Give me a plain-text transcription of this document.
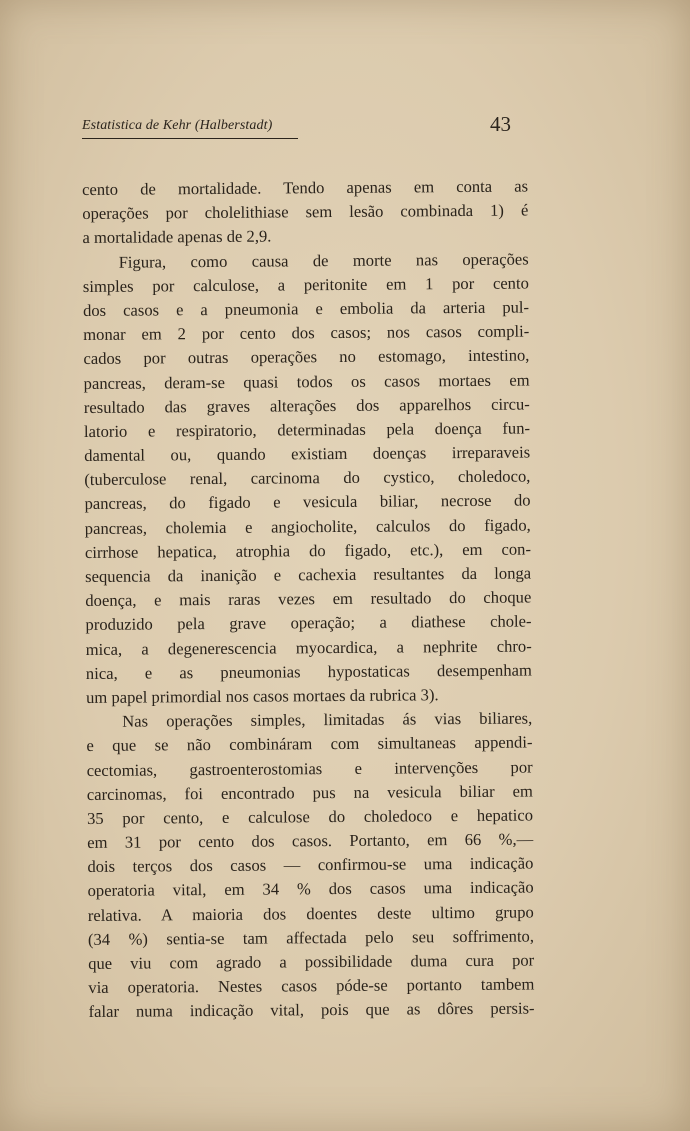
Estatistica de Kehr (Halberstadt)	43
cento de mortalidade. Tendo apenas em conta as
operações por cholelithiase sem lesão combinada 1) é
a mortalidade apenas de 2,9.
Figura, como causa de morte nas operações
simples por calculose, a peritonite em 1 por cento
dos casos e a pneumonia e embolia da arteria pul-
monar em 2 por cento dos casos; nos casos compli-
cados por outras operações no estomago, intestino,
pancreas, deram-se quasi todos os casos mortaes em
resultado das graves alterações dos apparelhos circu-
latorio e respiratorio, determinadas pela doença fun-
damental ou, quando existiam doenças irreparaveis
(tuberculose renal, carcinoma do cystico, choledoco,
pancreas, do figado e vesicula biliar, necrose do
pancreas, cholemia e angiocholite, calculos do figado,
cirrhose hepatica, atrophia do figado, etc.), em con-
sequencia da inanição e cachexia resultantes da longa
doença, e mais raras vezes em resultado do choque
produzido pela grave operação; a diathese chole-
mica, a degenerescencia myocardica, a nephrite chro-
nica, e as pneumonias hypostaticas desempenham
um papel primordial nos casos mortaes da rubrica 3).
Nas operações simples, limitadas ás vias biliares,
e que se não combináram com simultaneas appendi-
cectomias, gastroenterostomias e intervenções por
carcinomas, foi encontrado pus na vesicula biliar em
35 por cento, e calculose do choledoco e hepatico
em 31 por cento dos casos. Portanto, em 66 %,—
dois terços dos casos — confirmou-se uma indicação
operatoria vital, em 34 % dos casos uma indicação
relativa. A maioria dos doentes deste ultimo grupo
(34 %) sentia-se tam affectada pelo seu soffrimento,
que viu com agrado a possibilidade duma cura por
via operatoria. Nestes casos póde-se portanto tambem
falar numa indicação vital, pois que as dôres persis-
